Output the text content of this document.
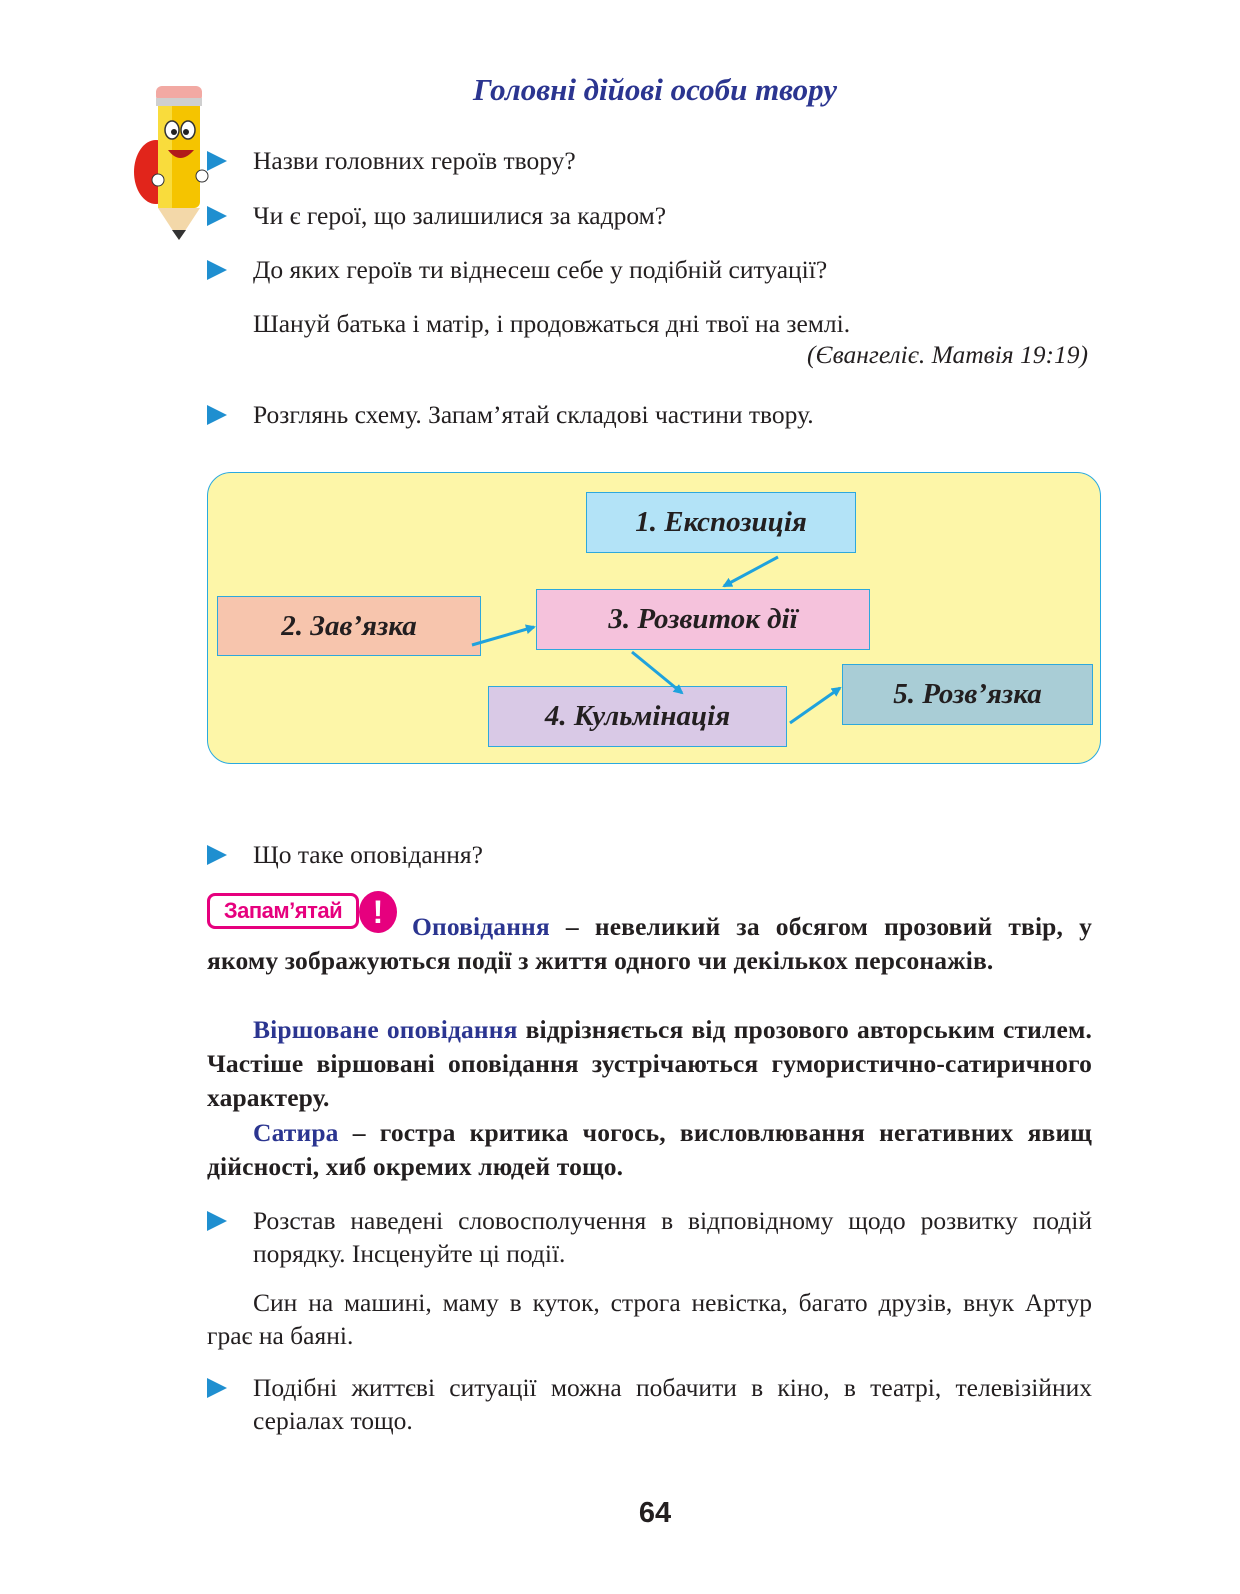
Головні дійові особи твору
Назви головних героїв твору?
Чи є герої, що залишилися за кадром?
До яких героїв ти віднесеш себе у подібній ситуації?
Шануй батька і матір, і продовжаться дні твої на землі.
(Євангеліє. Матвія 19:19)
Розглянь схему. Запам’ятай складові частини твору.
1. Експозиція
2. Зав’язка	3. Розвиток дії
4. Кульмінація
5. Розв’язка
Що таке оповідання?
Запам’ятай !	Оповідання – невеликий за обсягом прозовий твір, у якому зображуються події з життя одного чи декількох персонажів.
Віршоване оповідання відрізняється від прозового авторським стилем. Частіше віршовані оповідання зустрічаються гумористично-сатиричного характеру.
Сатира – гостра критика чогось, висловлювання негативних явищ дійсності, хиб окремих людей тощо.
Розстав наведені словосполучення в відповідному щодо розвитку подій порядку. Інсценуйте ці події.
Син на машині, маму в куток, строга невістка, багато друзів, внук Артур грає на баяні.
Подібні життєві ситуації можна побачити в кіно, в театрі, телевізійних серіалах тощо.
64
